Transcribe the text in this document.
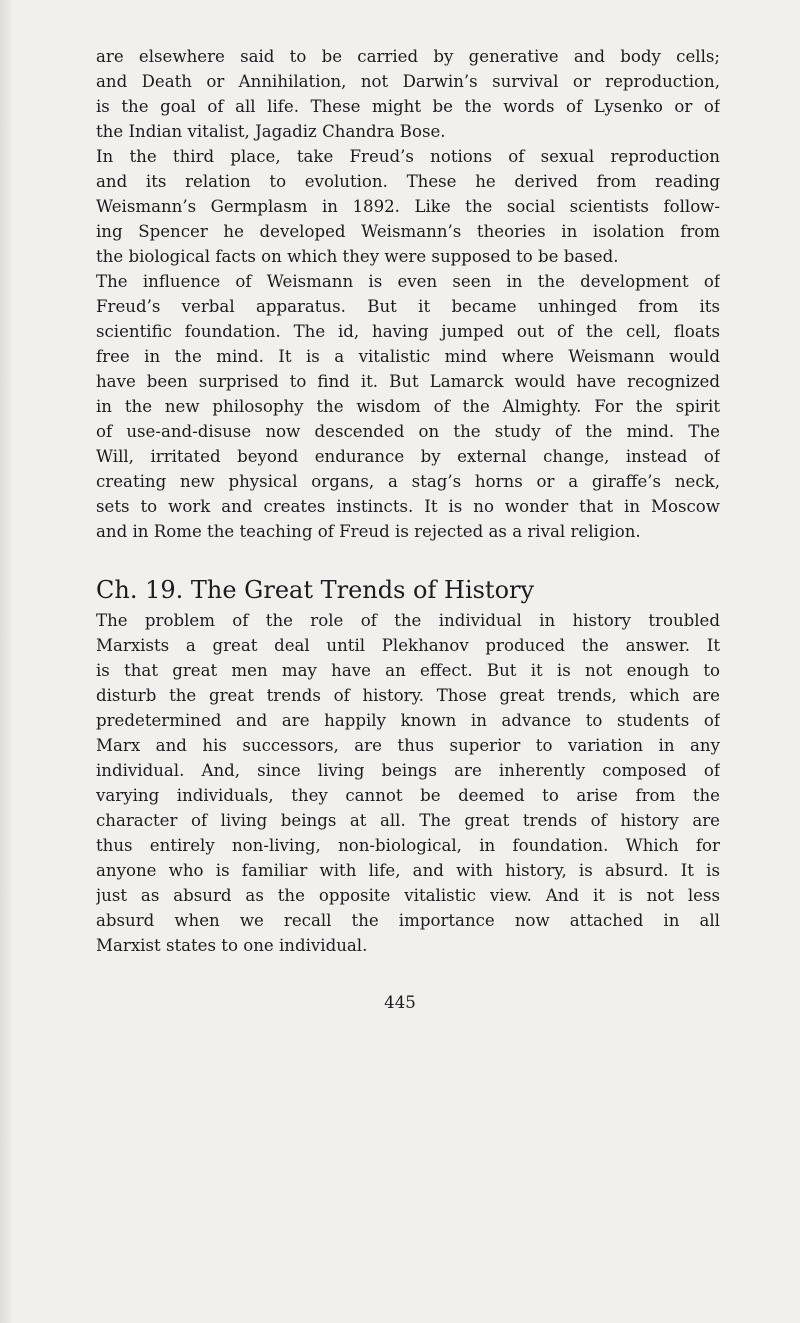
are elsewhere said to be carried by generative and body cells;
and Death or Annihilation, not Darwin’s survival or reproduction,
is the goal of all life. These might be the words of Lysenko or of
the Indian vitalist, Jagadiz Chandra Bose.
In the third place, take Freud’s notions of sexual reproduction
and its relation to evolution. These he derived from reading
Weismann’s Germplasm in 1892. Like the social scientists follow-
ing Spencer he developed Weismann’s theories in isolation from
the biological facts on which they were supposed to be based.
The influence of Weismann is even seen in the development of
Freud’s verbal apparatus. But it became unhinged from its
scientific foundation. The id, having jumped out of the cell, floats
free in the mind. It is a vitalistic mind where Weismann would
have been surprised to find it. But Lamarck would have recognized
in the new philosophy the wisdom of the Almighty. For the spirit
of use-and-disuse now descended on the study of the mind. The
Will, irritated beyond endurance by external change, instead of
creating new physical organs, a stag’s horns or a giraffe’s neck,
sets to work and creates instincts. It is no wonder that in Moscow
and in Rome the teaching of Freud is rejected as a rival religion.
Ch. 19. The Great Trends of History
The problem of the role of the individual in history troubled
Marxists a great deal until Plekhanov produced the answer. It
is that great men may have an effect. But it is not enough to
disturb the great trends of history. Those great trends, which are
predetermined and are happily known in advance to students of
Marx and his successors, are thus superior to variation in any
individual. And, since living beings are inherently composed of
varying individuals, they cannot be deemed to arise from the
character of living beings at all. The great trends of history are
thus entirely non-living, non-biological, in foundation. Which for
anyone who is familiar with life, and with history, is absurd. It is
just as absurd as the opposite vitalistic view. And it is not less
absurd when we recall the importance now attached in all
Marxist states to one individual.
445
